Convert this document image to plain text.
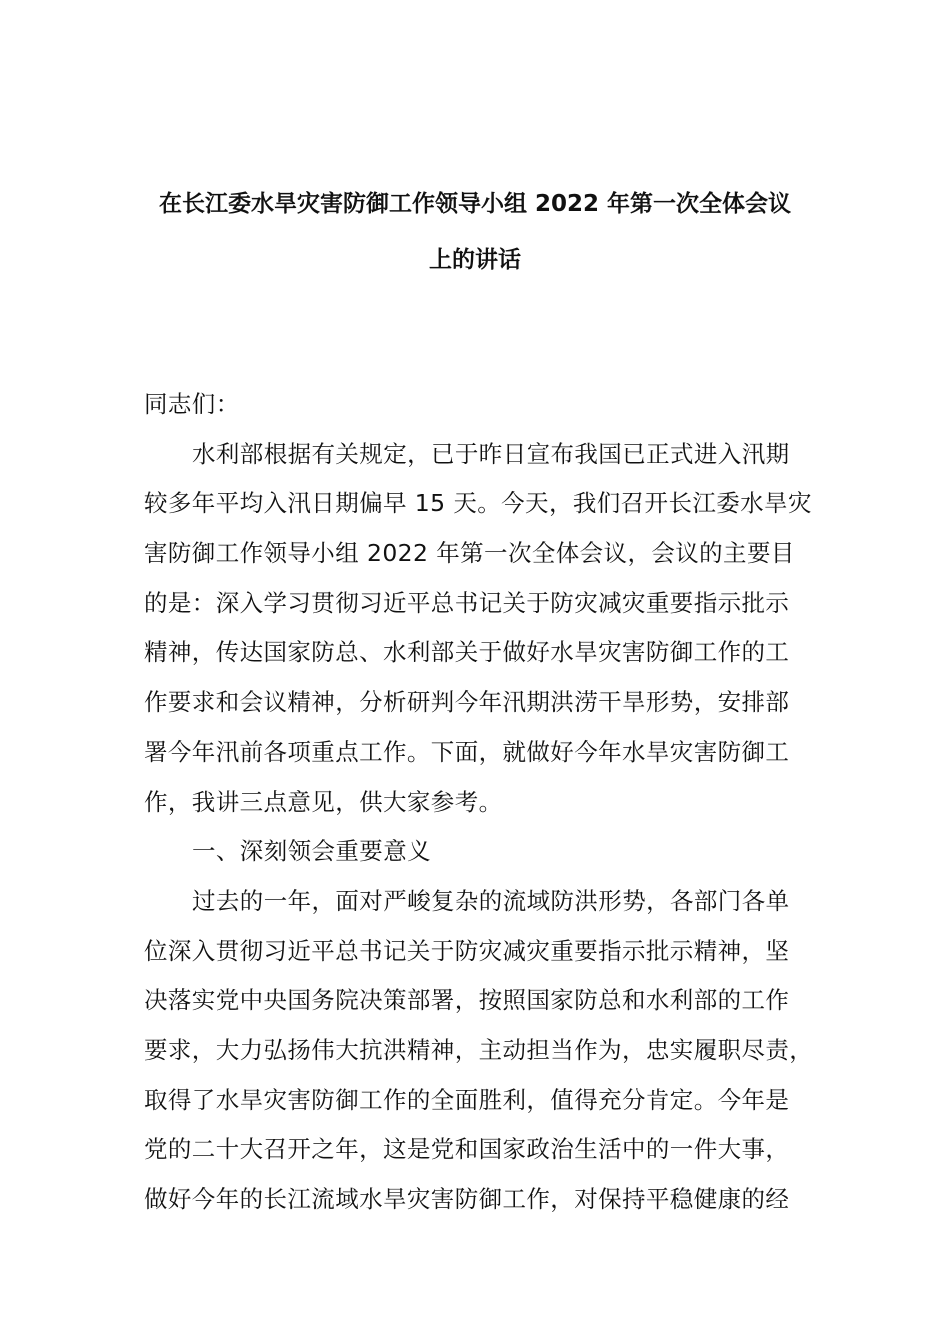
在长江委水旱灾害防御工作领导小组 2022 年第一次全体会议
上的讲话
同志们：
水利部根据有关规定，已于昨日宣布我国已正式进入汛期
较多年平均入汛日期偏早 15 天。今天，我们召开长江委水旱灾
害防御工作领导小组 2022 年第一次全体会议，会议的主要目
的是：深入学习贯彻习近平总书记关于防灾减灾重要指示批示
精神，传达国家防总、水利部关于做好水旱灾害防御工作的工
作要求和会议精神，分析研判今年汛期洪涝干旱形势，安排部
署今年汛前各项重点工作。下面，就做好今年水旱灾害防御工
作，我讲三点意见，供大家参考。
一、深刻领会重要意义
过去的一年，面对严峻复杂的流域防洪形势，各部门各单
位深入贯彻习近平总书记关于防灾减灾重要指示批示精神，坚
决落实党中央国务院决策部署，按照国家防总和水利部的工作
要求，大力弘扬伟大抗洪精神，主动担当作为，忠实履职尽责，
取得了水旱灾害防御工作的全面胜利，值得充分肯定。今年是
党的二十大召开之年，这是党和国家政治生活中的一件大事，
做好今年的长江流域水旱灾害防御工作，对保持平稳健康的经
